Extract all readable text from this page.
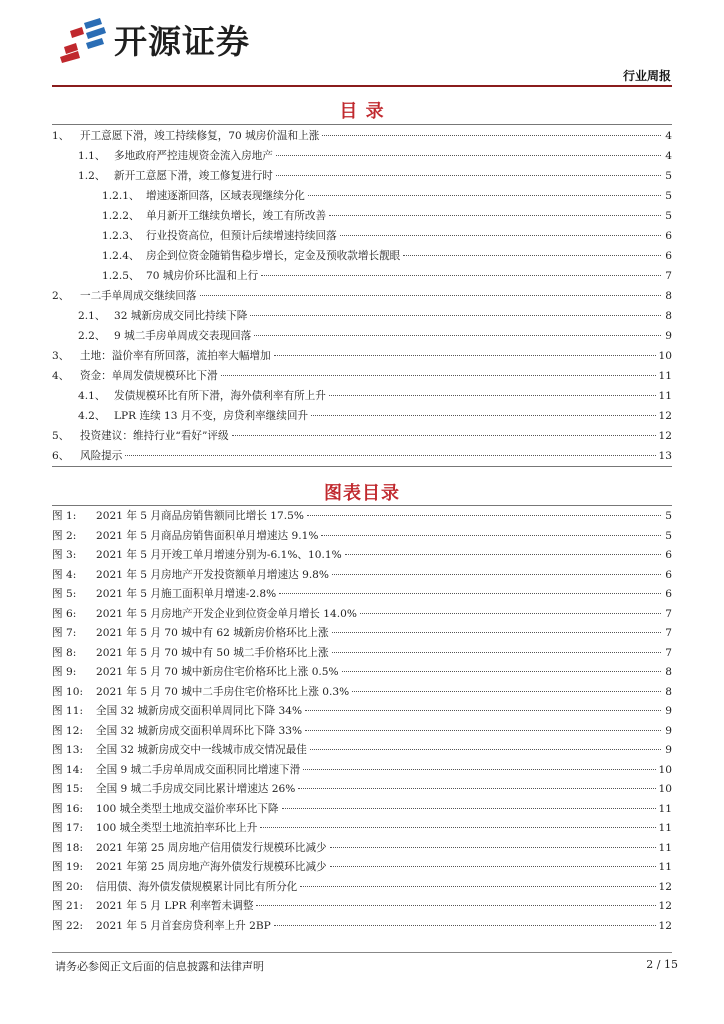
开源证券
行业周报
目 录
1、	开工意愿下滑，竣工持续修复，70 城房价温和上涨	4
1.1、 多地政府严控违规资金流入房地产	4
1.2、 新开工意愿下滑，竣工修复进行时	5
1.2.1、 增速逐渐回落，区域表现继续分化	5
1.2.2、 单月新开工继续负增长，竣工有所改善	5
1.2.3、 行业投资高位，但预计后续增速持续回落	6
1.2.4、 房企到位资金随销售稳步增长，定金及预收款增长靓眼	6
1.2.5、 70 城房价环比温和上行	7
2、	一二手单周成交继续回落	8
2.1、 32 城新房成交同比持续下降	8
2.2、 9 城二手房单周成交表现回落	9
3、	土地：溢价率有所回落，流拍率大幅增加	10
4、	资金：单周发债规模环比下滑	11
4.1、 发债规模环比有所下滑，海外债利率有所上升	11
4.2、 LPR 连续 13 月不变，房贷利率继续回升	12
5、	投资建议：维持行业“看好”评级	12
6、	风险提示	13
图表目录
图 1:	2021 年 5 月商品房销售额同比增长 17.5%	5
图 2:	2021 年 5 月商品房销售面积单月增速达 9.1%	5
图 3:	2021 年 5 月开竣工单月增速分别为-6.1%、10.1%	6
图 4:	2021 年 5 月房地产开发投资额单月增速达 9.8%	6
图 5:	2021 年 5 月施工面积单月增速-2.8%	6
图 6:	2021 年 5 月房地产开发企业到位资金单月增长 14.0%	7
图 7:	2021 年 5 月 70 城中有 62 城新房价格环比上涨	7
图 8:	2021 年 5 月 70 城中有 50 城二手价格环比上涨	7
图 9:	2021 年 5 月 70 城中新房住宅价格环比上涨 0.5%	8
图 10:	2021 年 5 月 70 城中二手房住宅价格环比上涨 0.3%	8
图 11:	全国 32 城新房成交面积单周同比下降 34%	9
图 12:	全国 32 城新房成交面积单周环比下降 33%	9
图 13:	全国 32 城新房成交中一线城市成交情况最佳	9
图 14:	全国 9 城二手房单周成交面积同比增速下滑	10
图 15:	全国 9 城二手房成交同比累计增速达 26%	10
图 16:	100 城全类型土地成交溢价率环比下降	11
图 17:	100 城全类型土地流拍率环比上升	11
图 18:	2021 年第 25 周房地产信用债发行规模环比减少	11
图 19:	2021 年第 25 周房地产海外债发行规模环比减少	11
图 20:	信用债、海外债发债规模累计同比有所分化	12
图 21:	2021 年 5 月 LPR 利率暂未调整	12
图 22:	2021 年 5 月首套房贷利率上升 2BP	12
请务必参阅正文后面的信息披露和法律声明	2 / 15
